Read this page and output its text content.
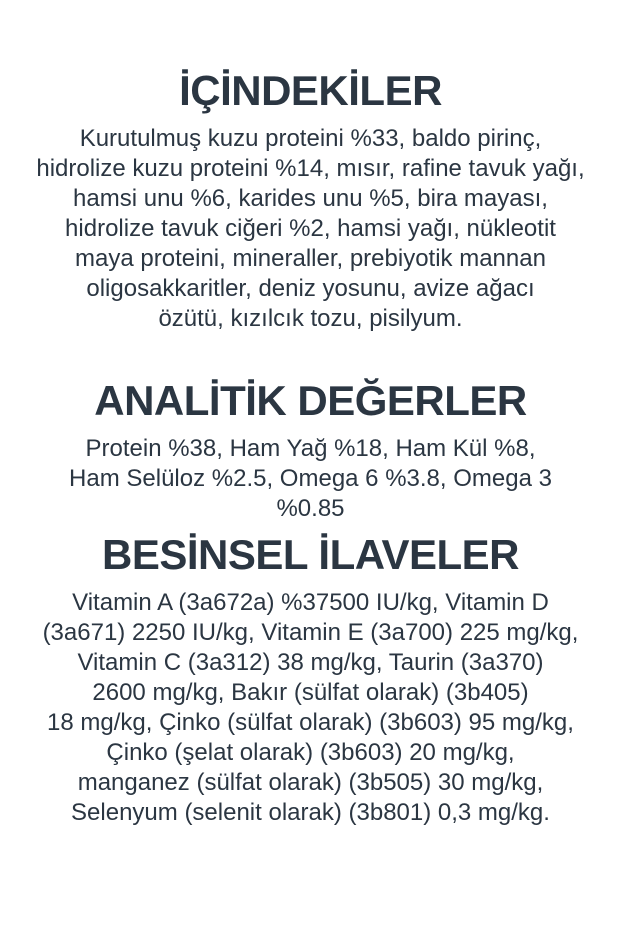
İÇİNDEKİLER
Kurutulmuş kuzu proteini %33, baldo pirinç,
hidrolize kuzu proteini %14, mısır, rafine tavuk yağı,
hamsi unu %6, karides unu %5, bira mayası,
hidrolize tavuk ciğeri %2, hamsi yağı, nükleotit
maya proteini, mineraller, prebiyotik mannan
oligosakkaritler, deniz yosunu, avize ağacı
özütü, kızılcık tozu, pisilyum.
ANALİTİK DEĞERLER
Protein %38, Ham Yağ %18, Ham Kül %8,
Ham Selüloz %2.5, Omega 6 %3.8, Omega 3
%0.85
BESİNSEL İLAVELER
Vitamin A (3a672a) %37500 IU/kg, Vitamin D
(3a671) 2250 IU/kg, Vitamin E (3a700) 225 mg/kg,
Vitamin C (3a312) 38 mg/kg, Taurin (3a370)
2600 mg/kg, Bakır (sülfat olarak) (3b405)
18 mg/kg, Çinko (sülfat olarak) (3b603) 95 mg/kg,
Çinko (şelat olarak) (3b603) 20 mg/kg,
manganez (sülfat olarak) (3b505) 30 mg/kg,
Selenyum (selenit olarak) (3b801) 0,3 mg/kg.
